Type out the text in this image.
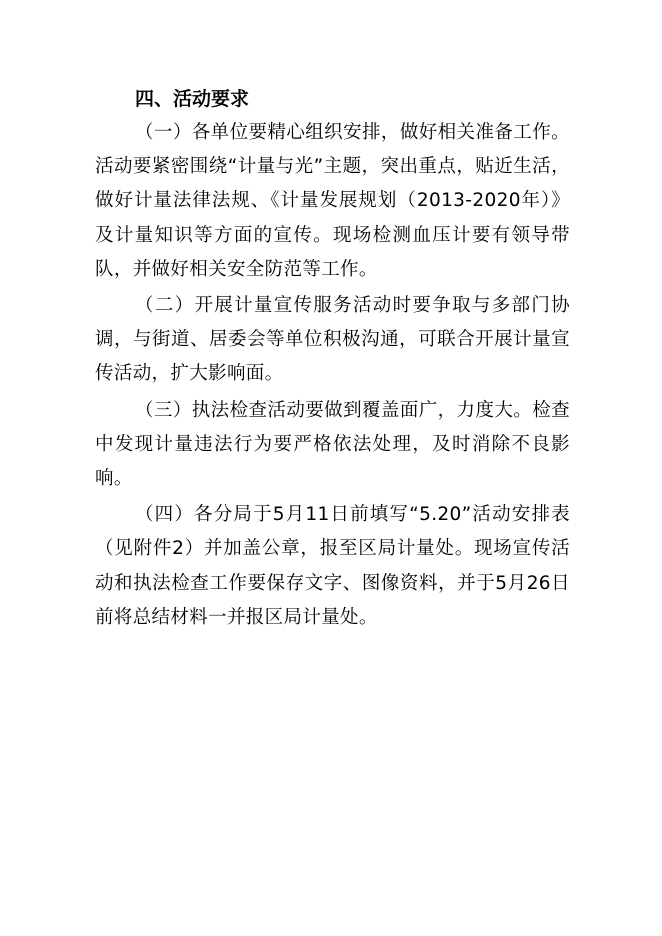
四、活动要求

（一）各单位要精心组织安排，做好相关准备工作。活动要紧密围绕“计量与光”主题，突出重点，贴近生活，做好计量法律法规、《计量发展规划（2013-2020年）》及计量知识等方面的宣传。现场检测血压计要有领导带队，并做好相关安全防范等工作。

（二）开展计量宣传服务活动时要争取与多部门协调，与街道、居委会等单位积极沟通，可联合开展计量宣传活动，扩大影响面。

（三）执法检查活动要做到覆盖面广，力度大。检查中发现计量违法行为要严格依法处理，及时消除不良影响。

（四）各分局于5月11日前填写“5.20”活动安排表（见附件2）并加盖公章，报至区局计量处。现场宣传活动和执法检查工作要保存文字、图像资料，并于5月26日前将总结材料一并报区局计量处。
